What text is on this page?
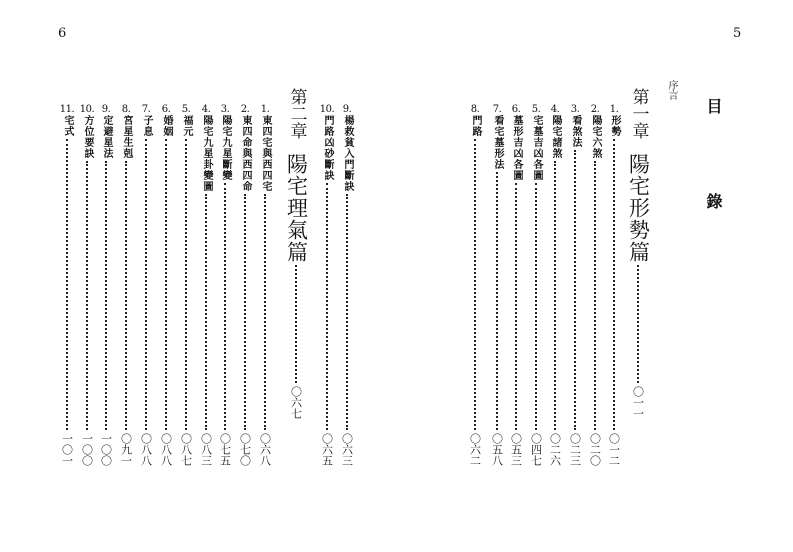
6
第二章
陽宅理氣篇
〇六七
9.
楊救貧入門斷訣
〇六三
10.
門路凶砂斷訣
〇六五
1.
東四宅與西四宅
〇六八
2.
東四命與西四命
〇七〇
3.
陽宅九星斷變
〇七五
4.
陽宅九星卦變圖
〇八三
5.
福元
〇八七
6.
婚姻
〇八八
7.
子息
〇八八
8.
宮星生剋
〇九一
9.
定避星法
一〇〇
10.
方位要訣
一〇〇
11.
宅式
一〇一
5
目 錄
序言
第一章
陽宅形勢篇
〇一一
1.
形勢
〇一二
2.
陽宅六煞
〇二〇
3.
看煞法
〇二三
4.
陽宅諸煞
〇二六
5.
宅墓吉凶各圖
〇四七
6.
墓形吉凶各圖
〇五三
7.
看宅墓形法
〇五八
8.
門路
〇六二
